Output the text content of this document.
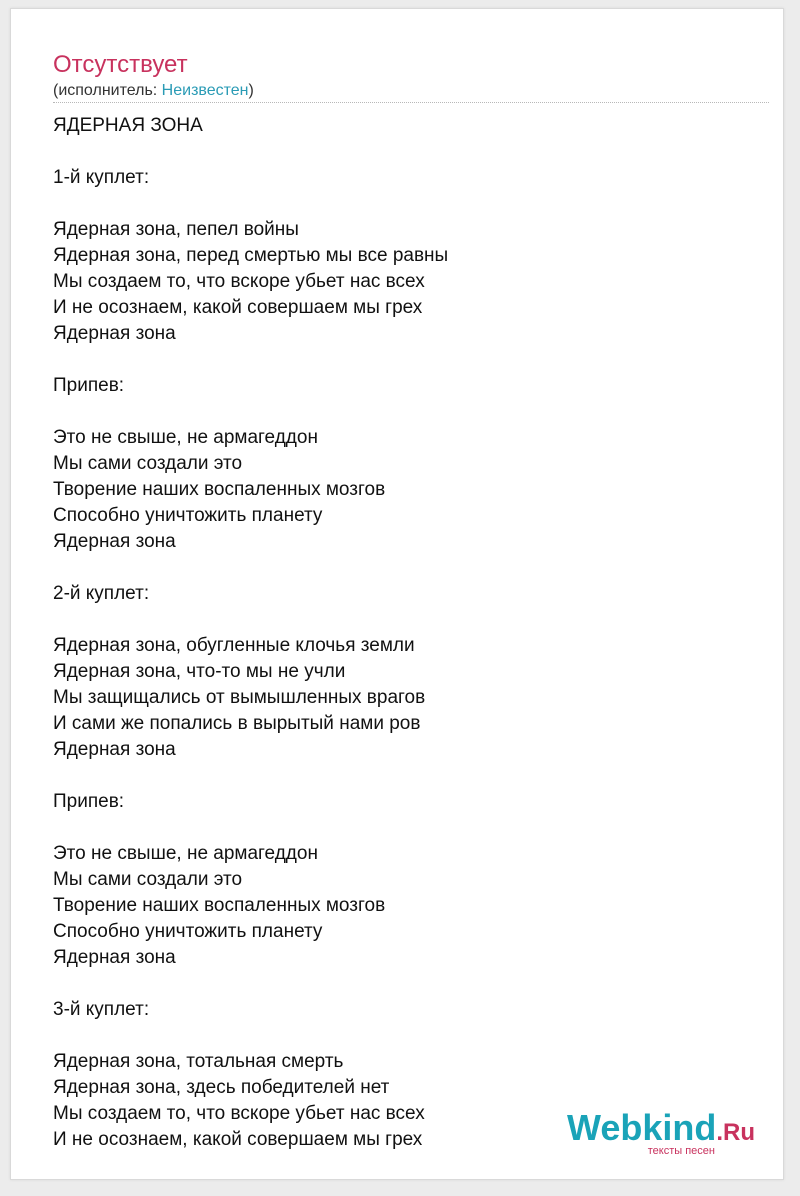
Отсутствует
(исполнитель: Неизвестен)
ЯДЕРНАЯ ЗОНА
1-й куплет:
Ядерная зона, пепел войны
Ядерная зона, перед смертью мы все равны
Мы создаем то, что вскоре убьет нас всех
И не осознаем, какой совершаем мы грех
Ядерная зона
Припев:
Это не свыше, не армагеддон
Мы сами создали это
Творение наших воспаленных мозгов
Способно уничтожить планету
Ядерная зона
2-й куплет:
Ядерная зона, обугленные клочья земли
Ядерная зона, что-то мы не учли
Мы защищались от вымышленных врагов
И сами же попались в вырытый нами ров
Ядерная зона
Припев:
Это не свыше, не армагеддон
Мы сами создали это
Творение наших воспаленных мозгов
Способно уничтожить планету
Ядерная зона
3-й куплет:
Ядерная зона, тотальная смерть
Ядерная зона, здесь победителей нет
Мы создаем то, что вскоре убьет нас всех
И не осознаем, какой совершаем мы грех	Webkind.Ru
тексты песен
